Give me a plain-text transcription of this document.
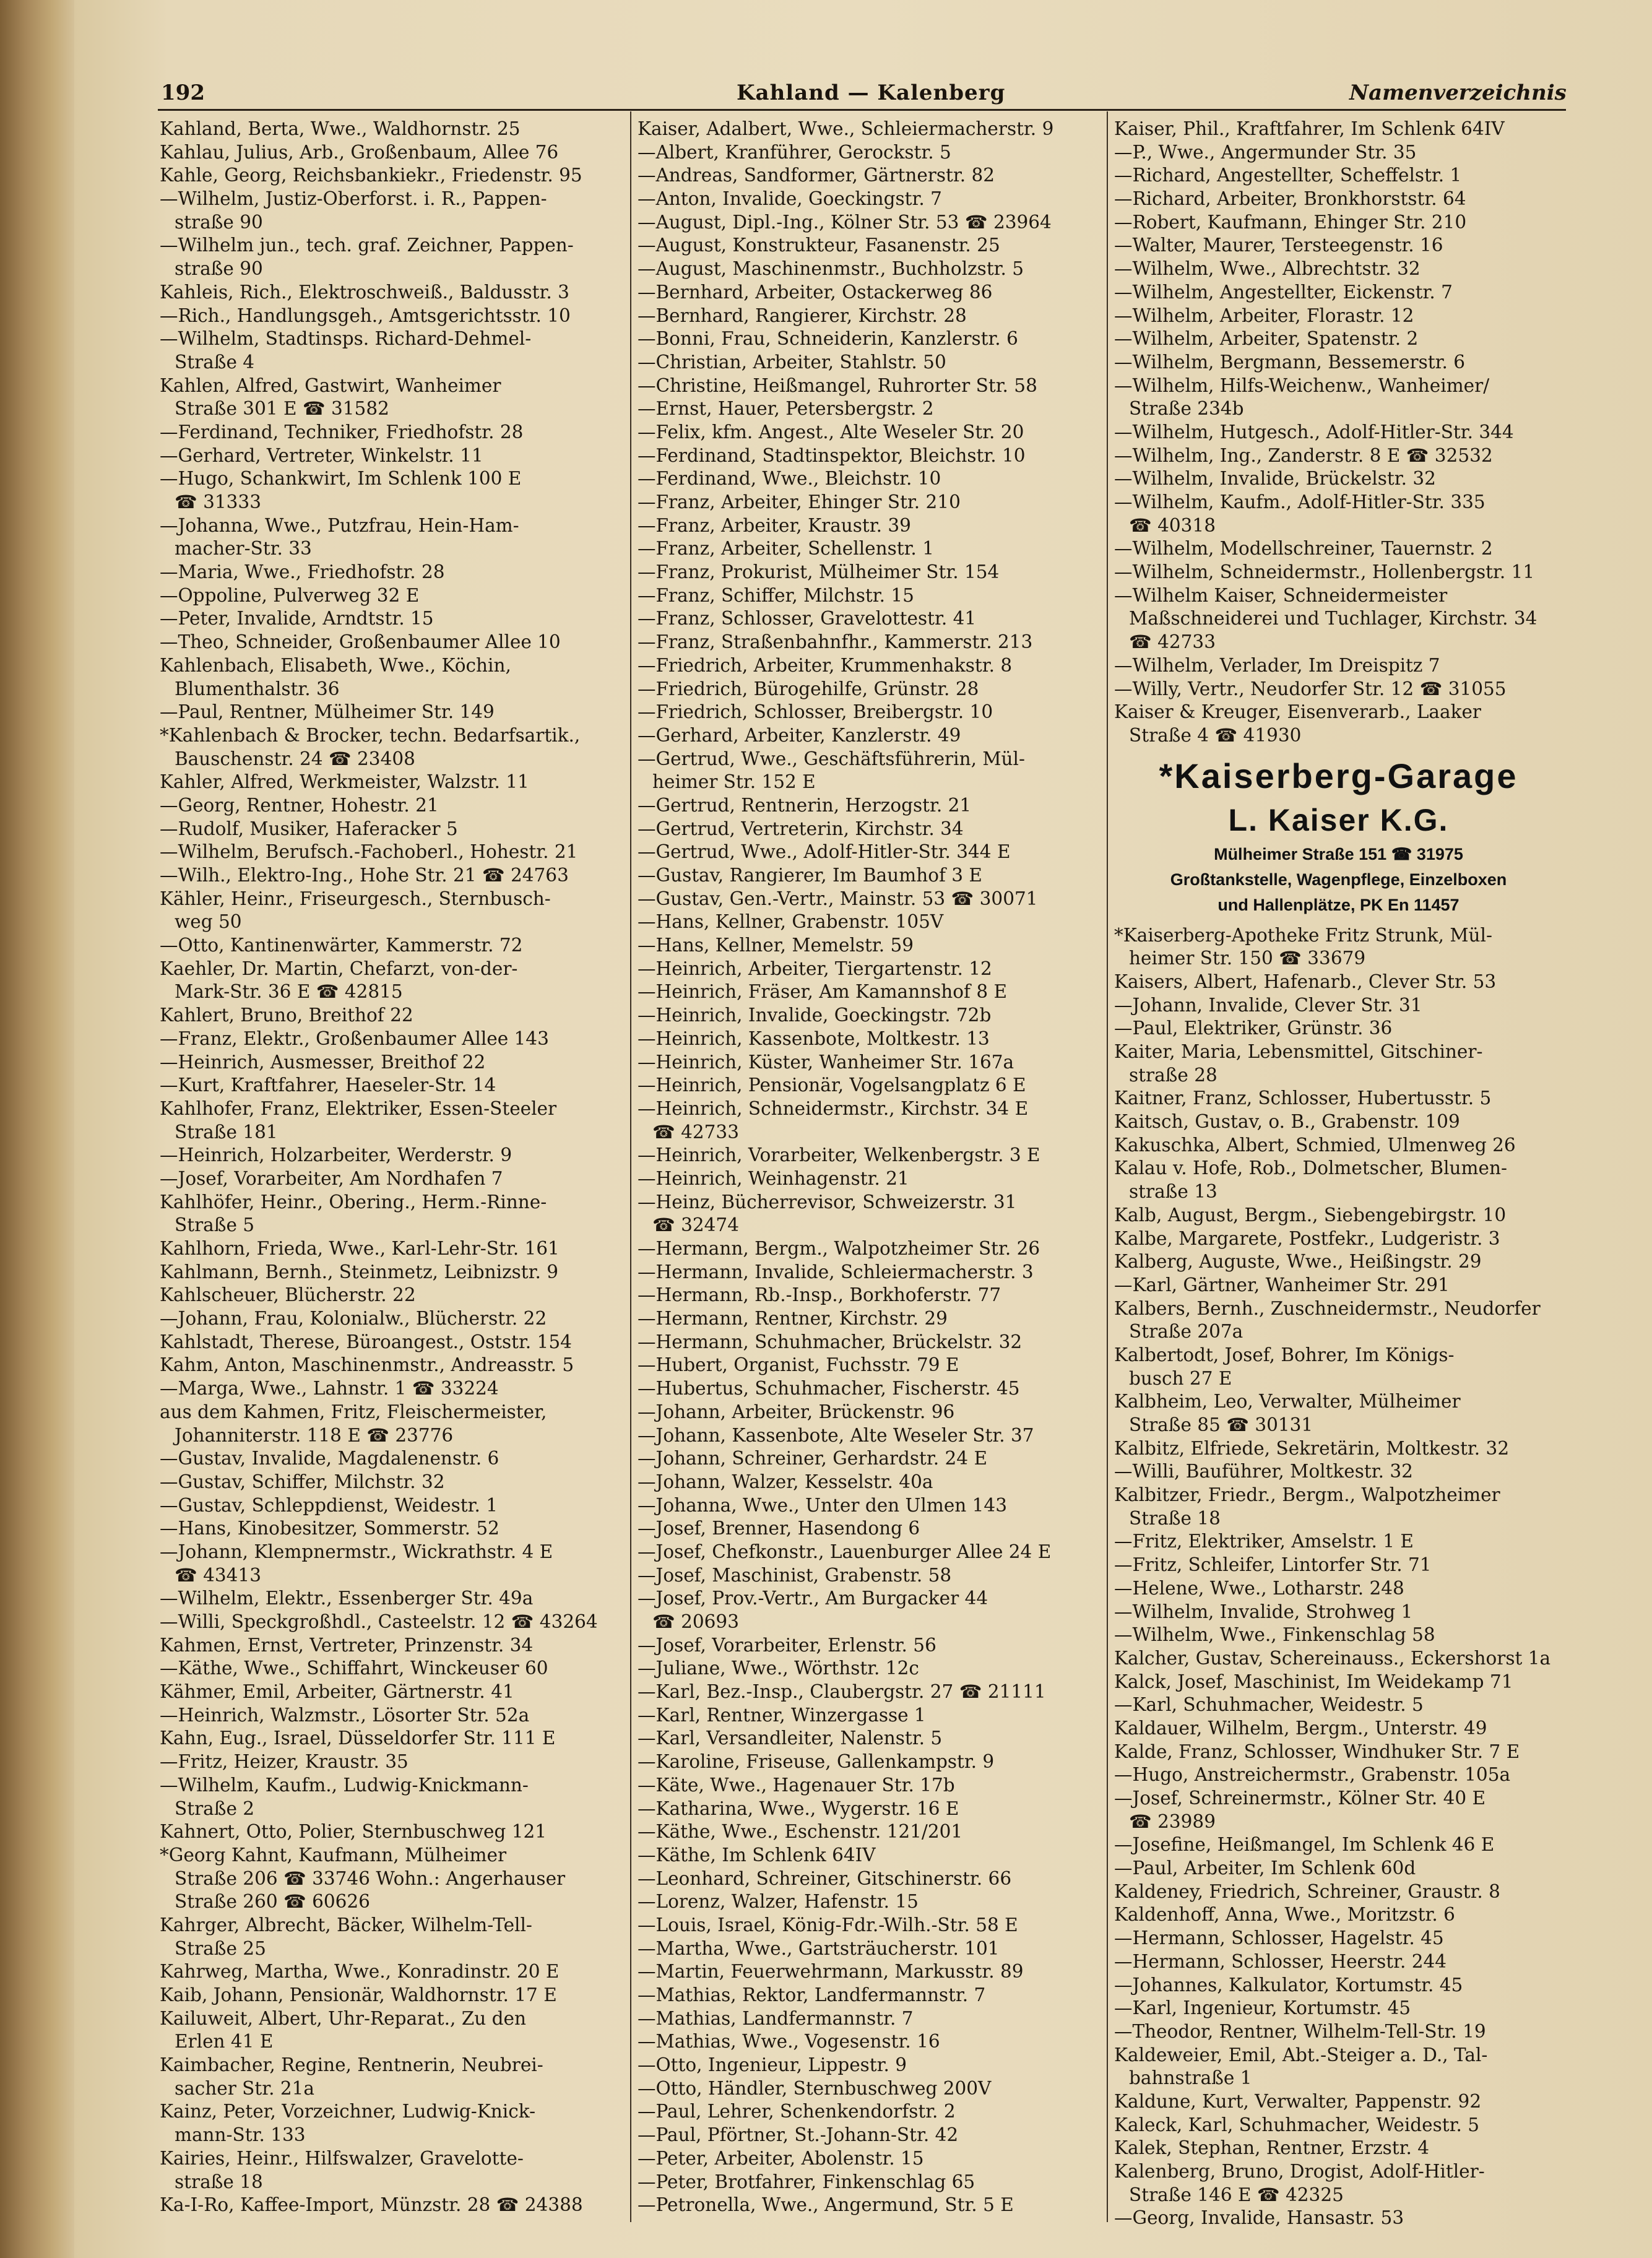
192	Kahland — Kalenberg	Namenverzeichnis
Kahland, Berta, Wwe., Waldhornstr. 25
Kahlau, Julius, Arb., Großenbaum, Allee 76
Kahle, Georg, Reichsbankiekr., Friedenstr. 95
—Wilhelm, Justiz-Oberforst. i. R., Pappen-
straße 90
—Wilhelm jun., tech. graf. Zeichner, Pappen-
straße 90
Kahleis, Rich., Elektroschweiß., Baldusstr. 3
—Rich., Handlungsgeh., Amtsgerichtsstr. 10
—Wilhelm, Stadtinsps. Richard-Dehmel-
Straße 4
Kahlen, Alfred, Gastwirt, Wanheimer
Straße 301 E ☎ 31582
—Ferdinand, Techniker, Friedhofstr. 28
—Gerhard, Vertreter, Winkelstr. 11
—Hugo, Schankwirt, Im Schlenk 100 E
☎ 31333
—Johanna, Wwe., Putzfrau, Hein-Ham-
macher-Str. 33
—Maria, Wwe., Friedhofstr. 28
—Oppoline, Pulverweg 32 E
—Peter, Invalide, Arndtstr. 15
—Theo, Schneider, Großenbaumer Allee 10
Kahlenbach, Elisabeth, Wwe., Köchin,
Blumenthalstr. 36
—Paul, Rentner, Mülheimer Str. 149
*Kahlenbach & Brocker, techn. Bedarfsartik.,
Bauschenstr. 24 ☎ 23408
Kahler, Alfred, Werkmeister, Walzstr. 11
—Georg, Rentner, Hohestr. 21
—Rudolf, Musiker, Haferacker 5
—Wilhelm, Berufsch.-Fachoberl., Hohestr. 21
—Wilh., Elektro-Ing., Hohe Str. 21 ☎ 24763
Kähler, Heinr., Friseurgesch., Sternbusch-
weg 50
—Otto, Kantinenwärter, Kammerstr. 72
Kaehler, Dr. Martin, Chefarzt, von-der-
Mark-Str. 36 E ☎ 42815
Kahlert, Bruno, Breithof 22
—Franz, Elektr., Großenbaumer Allee 143
—Heinrich, Ausmesser, Breithof 22
—Kurt, Kraftfahrer, Haeseler-Str. 14
Kahlhofer, Franz, Elektriker, Essen-Steeler
Straße 181
—Heinrich, Holzarbeiter, Werderstr. 9
—Josef, Vorarbeiter, Am Nordhafen 7
Kahlhöfer, Heinr., Obering., Herm.-Rinne-
Straße 5
Kahlhorn, Frieda, Wwe., Karl-Lehr-Str. 161
Kahlmann, Bernh., Steinmetz, Leibnizstr. 9
Kahlscheuer, Blücherstr. 22
—Johann, Frau, Kolonialw., Blücherstr. 22
Kahlstadt, Therese, Büroangest., Oststr. 154
Kahm, Anton, Maschinenmstr., Andreasstr. 5
—Marga, Wwe., Lahnstr. 1 ☎ 33224
aus dem Kahmen, Fritz, Fleischermeister,
Johanniterstr. 118 E ☎ 23776
—Gustav, Invalide, Magdalenenstr. 6
—Gustav, Schiffer, Milchstr. 32
—Gustav, Schleppdienst, Weidestr. 1
—Hans, Kinobesitzer, Sommerstr. 52
—Johann, Klempnermstr., Wickrathstr. 4 E
☎ 43413
—Wilhelm, Elektr., Essenberger Str. 49a
—Willi, Speckgroßhdl., Casteelstr. 12 ☎ 43264
Kahmen, Ernst, Vertreter, Prinzenstr. 34
—Käthe, Wwe., Schiffahrt, Winckeuser 60
Kähmer, Emil, Arbeiter, Gärtnerstr. 41
—Heinrich, Walzmstr., Lösorter Str. 52a
Kahn, Eug., Israel, Düsseldorfer Str. 111 E
—Fritz, Heizer, Kraustr. 35
—Wilhelm, Kaufm., Ludwig-Knickmann-
Straße 2
Kahnert, Otto, Polier, Sternbuschweg 121
*Georg Kahnt, Kaufmann, Mülheimer
Straße 206 ☎ 33746 Wohn.: Angerhauser
Straße 260 ☎ 60626
Kahrger, Albrecht, Bäcker, Wilhelm-Tell-
Straße 25
Kahrweg, Martha, Wwe., Konradinstr. 20 E
Kaib, Johann, Pensionär, Waldhornstr. 17 E
Kailuweit, Albert, Uhr-Reparat., Zu den
Erlen 41 E
Kaimbacher, Regine, Rentnerin, Neubrei-
sacher Str. 21a
Kainz, Peter, Vorzeichner, Ludwig-Knick-
mann-Str. 133
Kairies, Heinr., Hilfswalzer, Gravelotte-
straße 18
Ka-I-Ro, Kaffee-Import, Münzstr. 28 ☎ 24388
Kaiser, Adalbert, Wwe., Schleiermacherstr. 9
—Albert, Kranführer, Gerockstr. 5
—Andreas, Sandformer, Gärtnerstr. 82
—Anton, Invalide, Goeckingstr. 7
—August, Dipl.-Ing., Kölner Str. 53 ☎ 23964
—August, Konstrukteur, Fasanenstr. 25
—August, Maschinenmstr., Buchholzstr. 5
—Bernhard, Arbeiter, Ostackerweg 86
—Bernhard, Rangierer, Kirchstr. 28
—Bonni, Frau, Schneiderin, Kanzlerstr. 6
—Christian, Arbeiter, Stahlstr. 50
—Christine, Heißmangel, Ruhrorter Str. 58
—Ernst, Hauer, Petersbergstr. 2
—Felix, kfm. Angest., Alte Weseler Str. 20
—Ferdinand, Stadtinspektor, Bleichstr. 10
—Ferdinand, Wwe., Bleichstr. 10
—Franz, Arbeiter, Ehinger Str. 210
—Franz, Arbeiter, Kraustr. 39
—Franz, Arbeiter, Schellenstr. 1
—Franz, Prokurist, Mülheimer Str. 154
—Franz, Schiffer, Milchstr. 15
—Franz, Schlosser, Gravelottestr. 41
—Franz, Straßenbahnfhr., Kammerstr. 213
—Friedrich, Arbeiter, Krummenhakstr. 8
—Friedrich, Bürogehilfe, Grünstr. 28
—Friedrich, Schlosser, Breibergstr. 10
—Gerhard, Arbeiter, Kanzlerstr. 49
—Gertrud, Wwe., Geschäftsführerin, Mül-
heimer Str. 152 E
—Gertrud, Rentnerin, Herzogstr. 21
—Gertrud, Vertreterin, Kirchstr. 34
—Gertrud, Wwe., Adolf-Hitler-Str. 344 E
—Gustav, Rangierer, Im Baumhof 3 E
—Gustav, Gen.-Vertr., Mainstr. 53 ☎ 30071
—Hans, Kellner, Grabenstr. 105V
—Hans, Kellner, Memelstr. 59
—Heinrich, Arbeiter, Tiergartenstr. 12
—Heinrich, Fräser, Am Kamannshof 8 E
—Heinrich, Invalide, Goeckingstr. 72b
—Heinrich, Kassenbote, Moltkestr. 13
—Heinrich, Küster, Wanheimer Str. 167a
—Heinrich, Pensionär, Vogelsangplatz 6 E
—Heinrich, Schneidermstr., Kirchstr. 34 E
☎ 42733
—Heinrich, Vorarbeiter, Welkenbergstr. 3 E
—Heinrich, Weinhagenstr. 21
—Heinz, Bücherrevisor, Schweizerstr. 31
☎ 32474
—Hermann, Bergm., Walpotzheimer Str. 26
—Hermann, Invalide, Schleiermacherstr. 3
—Hermann, Rb.-Insp., Borkhoferstr. 77
—Hermann, Rentner, Kirchstr. 29
—Hermann, Schuhmacher, Brückelstr. 32
—Hubert, Organist, Fuchsstr. 79 E
—Hubertus, Schuhmacher, Fischerstr. 45
—Johann, Arbeiter, Brückenstr. 96
—Johann, Kassenbote, Alte Weseler Str. 37
—Johann, Schreiner, Gerhardstr. 24 E
—Johann, Walzer, Kesselstr. 40a
—Johanna, Wwe., Unter den Ulmen 143
—Josef, Brenner, Hasendong 6
—Josef, Chefkonstr., Lauenburger Allee 24 E
—Josef, Maschinist, Grabenstr. 58
—Josef, Prov.-Vertr., Am Burgacker 44
☎ 20693
—Josef, Vorarbeiter, Erlenstr. 56
—Juliane, Wwe., Wörthstr. 12c
—Karl, Bez.-Insp., Claubergstr. 27 ☎ 21111
—Karl, Rentner, Winzergasse 1
—Karl, Versandleiter, Nalenstr. 5
—Karoline, Friseuse, Gallenkampstr. 9
—Käte, Wwe., Hagenauer Str. 17b
—Katharina, Wwe., Wygerstr. 16 E
—Käthe, Wwe., Eschenstr. 121/201
—Käthe, Im Schlenk 64IV
—Leonhard, Schreiner, Gitschinerstr. 66
—Lorenz, Walzer, Hafenstr. 15
—Louis, Israel, König-Fdr.-Wilh.-Str. 58 E
—Martha, Wwe., Gartsträucherstr. 101
—Martin, Feuerwehrmann, Markusstr. 89
—Mathias, Rektor, Landfermannstr. 7
—Mathias, Landfermannstr. 7
—Mathias, Wwe., Vogesenstr. 16
—Otto, Ingenieur, Lippestr. 9
—Otto, Händler, Sternbuschweg 200V
—Paul, Lehrer, Schenkendorfstr. 2
—Paul, Pförtner, St.-Johann-Str. 42
—Peter, Arbeiter, Abolenstr. 15
—Peter, Brotfahrer, Finkenschlag 65
—Petronella, Wwe., Angermund, Str. 5 E
Kaiser, Phil., Kraftfahrer, Im Schlenk 64IV
—P., Wwe., Angermunder Str. 35
—Richard, Angestellter, Scheffelstr. 1
—Richard, Arbeiter, Bronkhorststr. 64
—Robert, Kaufmann, Ehinger Str. 210
—Walter, Maurer, Tersteegenstr. 16
—Wilhelm, Wwe., Albrechtstr. 32
—Wilhelm, Angestellter, Eickenstr. 7
—Wilhelm, Arbeiter, Florastr. 12
—Wilhelm, Arbeiter, Spatenstr. 2
—Wilhelm, Bergmann, Bessemerstr. 6
—Wilhelm, Hilfs-Weichenw., Wanheimer/
Straße 234b
—Wilhelm, Hutgesch., Adolf-Hitler-Str. 344
—Wilhelm, Ing., Zanderstr. 8 E ☎ 32532
—Wilhelm, Invalide, Brückelstr. 32
—Wilhelm, Kaufm., Adolf-Hitler-Str. 335
☎ 40318
—Wilhelm, Modellschreiner, Tauernstr. 2
—Wilhelm, Schneidermstr., Hollenbergstr. 11
—Wilhelm Kaiser, Schneidermeister
Maßschneiderei und Tuchlager, Kirchstr. 34
☎ 42733
—Wilhelm, Verlader, Im Dreispitz 7
—Willy, Vertr., Neudorfer Str. 12 ☎ 31055
Kaiser & Kreuger, Eisenverarb., Laaker
Straße 4 ☎ 41930
*Kaiserberg-Garage
L. Kaiser K.G.
Mülheimer Straße 151 ☎ 31975
Großtankstelle, Wagenpflege, Einzelboxen
und Hallenplätze, PK En 11457
*Kaiserberg-Apotheke Fritz Strunk, Mül-
heimer Str. 150 ☎ 33679
Kaisers, Albert, Hafenarb., Clever Str. 53
—Johann, Invalide, Clever Str. 31
—Paul, Elektriker, Grünstr. 36
Kaiter, Maria, Lebensmittel, Gitschiner-
straße 28
Kaitner, Franz, Schlosser, Hubertusstr. 5
Kaitsch, Gustav, o. B., Grabenstr. 109
Kakuschka, Albert, Schmied, Ulmenweg 26
Kalau v. Hofe, Rob., Dolmetscher, Blumen-
straße 13
Kalb, August, Bergm., Siebengebirgstr. 10
Kalbe, Margarete, Postfekr., Ludgeristr. 3
Kalberg, Auguste, Wwe., Heißingstr. 29
—Karl, Gärtner, Wanheimer Str. 291
Kalbers, Bernh., Zuschneidermstr., Neudorfer
Straße 207a
Kalbertodt, Josef, Bohrer, Im Königs-
busch 27 E
Kalbheim, Leo, Verwalter, Mülheimer
Straße 85 ☎ 30131
Kalbitz, Elfriede, Sekretärin, Moltkestr. 32
—Willi, Bauführer, Moltkestr. 32
Kalbitzer, Friedr., Bergm., Walpotzheimer
Straße 18
—Fritz, Elektriker, Amselstr. 1 E
—Fritz, Schleifer, Lintorfer Str. 71
—Helene, Wwe., Lotharstr. 248
—Wilhelm, Invalide, Strohweg 1
—Wilhelm, Wwe., Finkenschlag 58
Kalcher, Gustav, Schereinauss., Eckershorst 1a
Kalck, Josef, Maschinist, Im Weidekamp 71
—Karl, Schuhmacher, Weidestr. 5
Kaldauer, Wilhelm, Bergm., Unterstr. 49
Kalde, Franz, Schlosser, Windhuker Str. 7 E
—Hugo, Anstreichermstr., Grabenstr. 105a
—Josef, Schreinermstr., Kölner Str. 40 E
☎ 23989
—Josefine, Heißmangel, Im Schlenk 46 E
—Paul, Arbeiter, Im Schlenk 60d
Kaldeney, Friedrich, Schreiner, Graustr. 8
Kaldenhoff, Anna, Wwe., Moritzstr. 6
—Hermann, Schlosser, Hagelstr. 45
—Hermann, Schlosser, Heerstr. 244
—Johannes, Kalkulator, Kortumstr. 45
—Karl, Ingenieur, Kortumstr. 45
—Theodor, Rentner, Wilhelm-Tell-Str. 19
Kaldeweier, Emil, Abt.-Steiger a. D., Tal-
bahnstraße 1
Kaldune, Kurt, Verwalter, Pappenstr. 92
Kaleck, Karl, Schuhmacher, Weidestr. 5
Kalek, Stephan, Rentner, Erzstr. 4
Kalenberg, Bruno, Drogist, Adolf-Hitler-
Straße 146 E ☎ 42325
—Georg, Invalide, Hansastr. 53
